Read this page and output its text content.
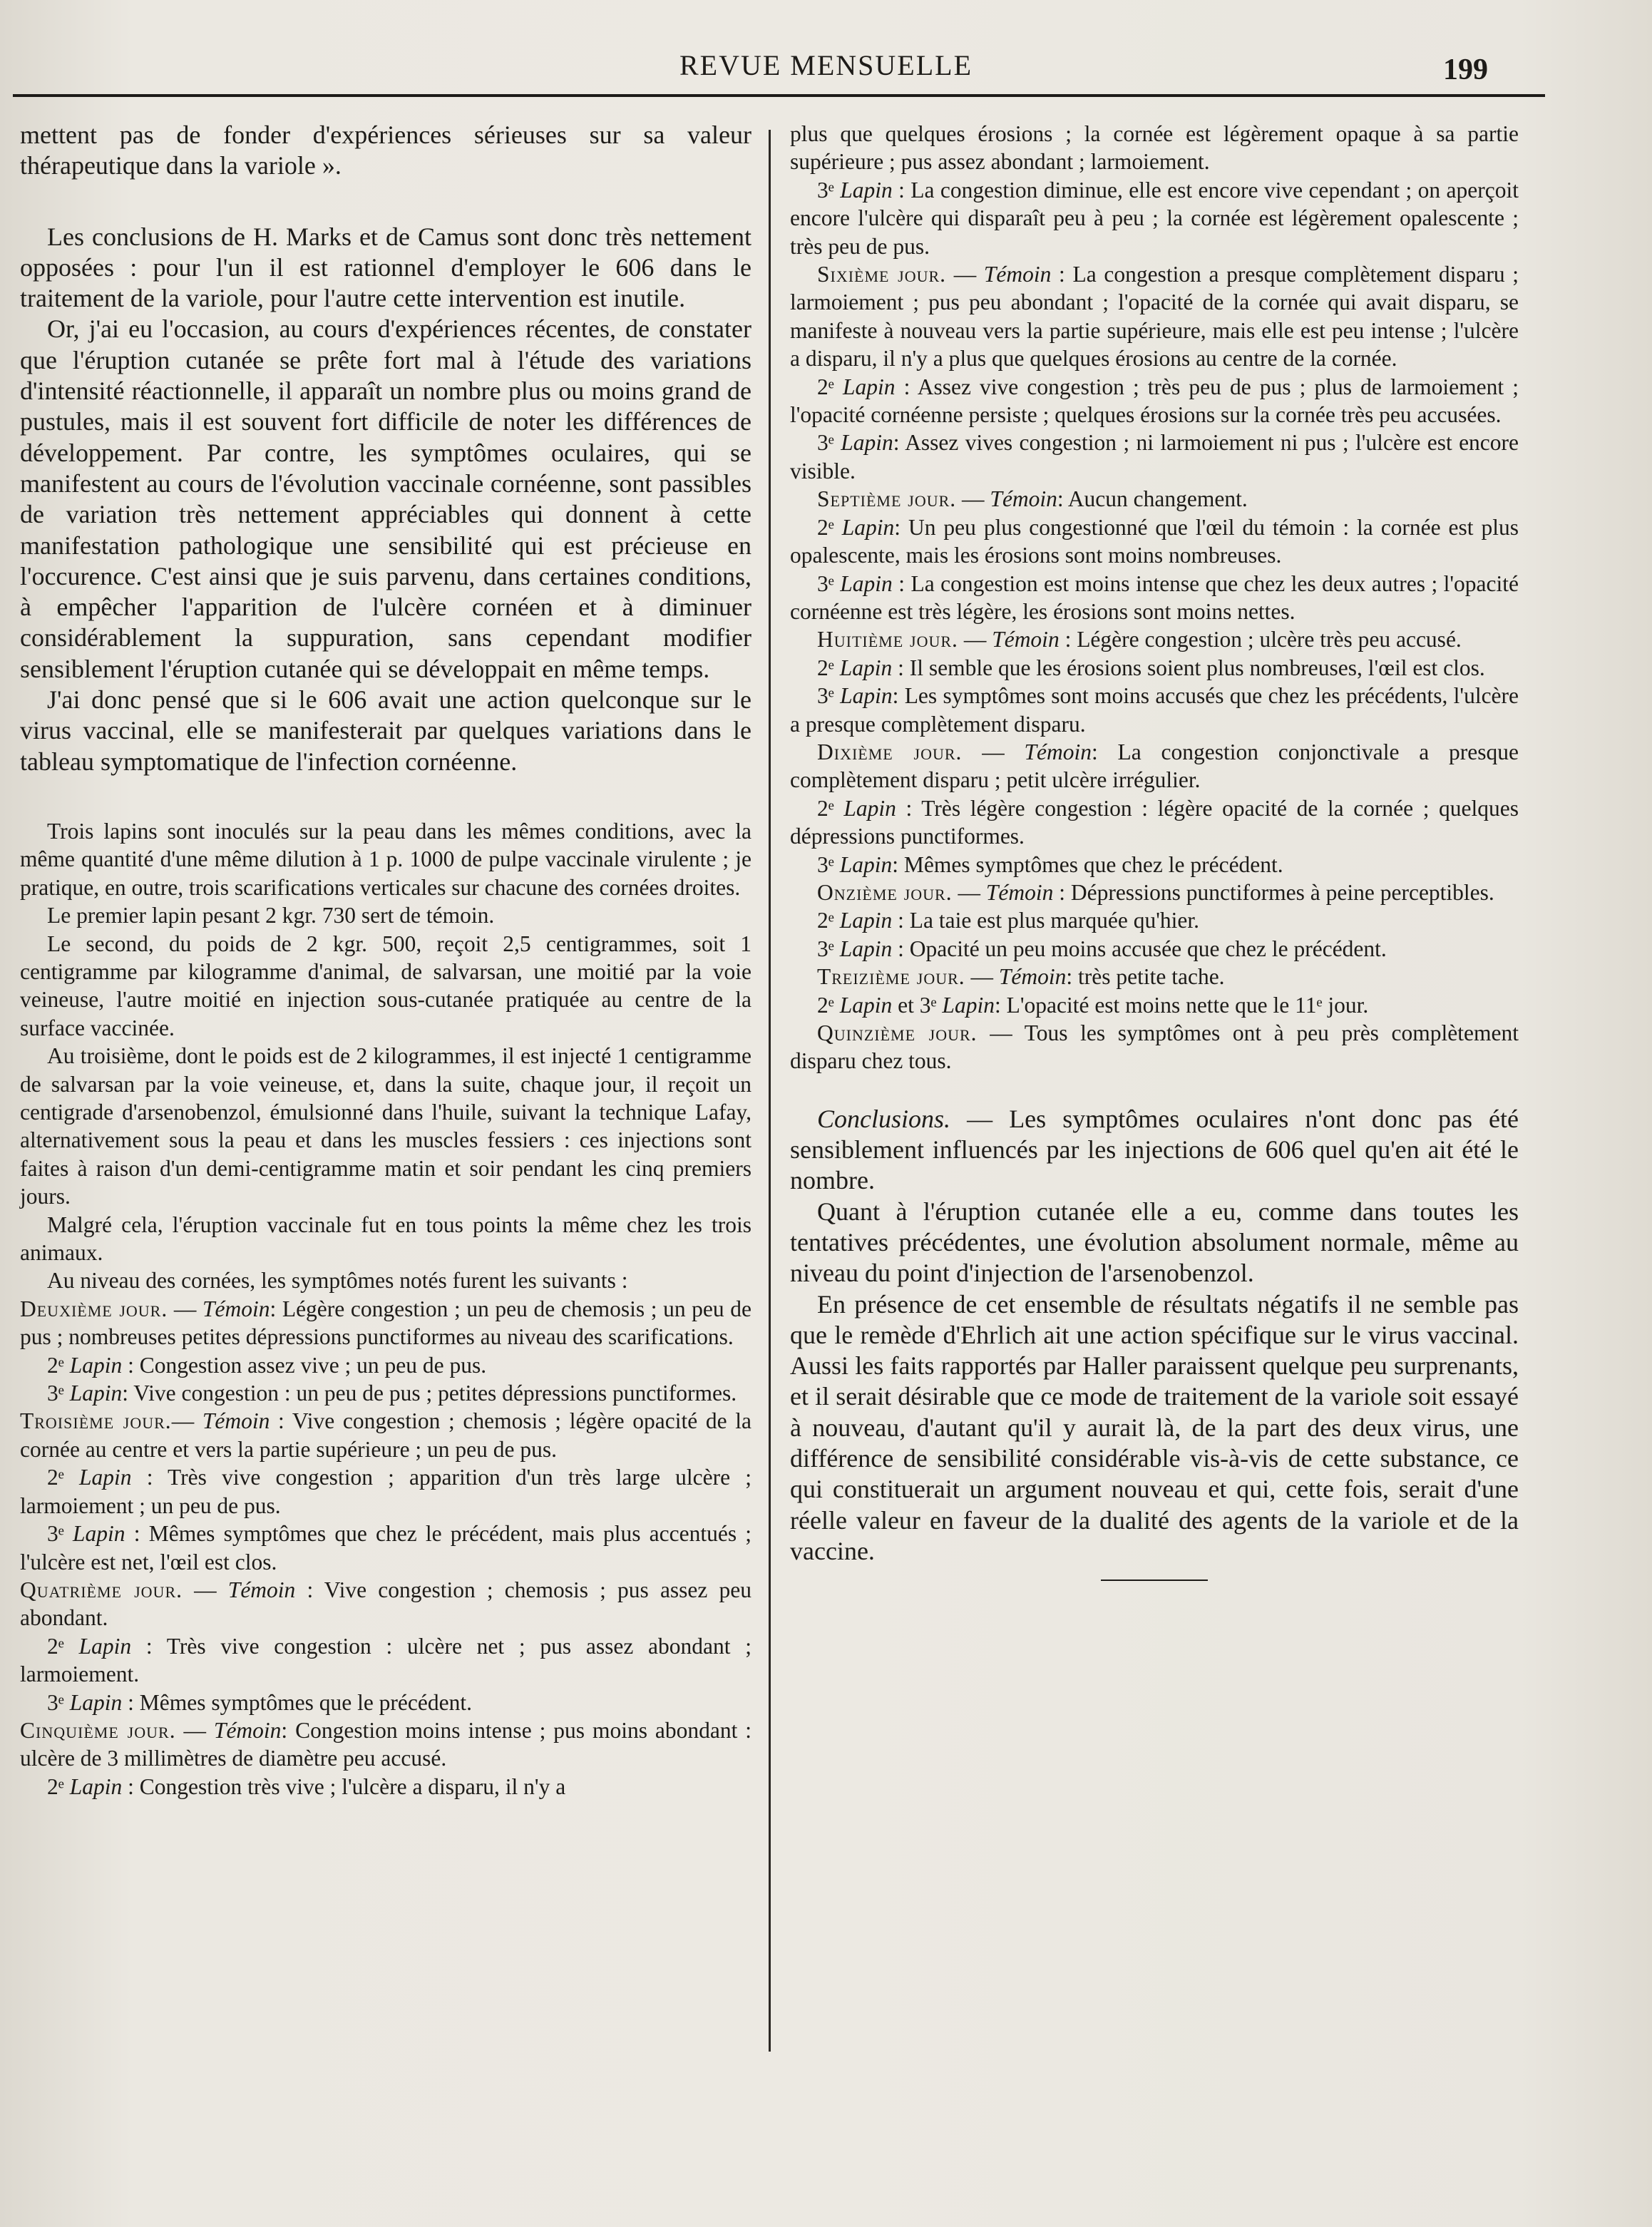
REVUE MENSUELLE	199

mettent pas de fonder d'expériences sérieuses sur sa valeur thérapeutique dans la variole ».

Les conclusions de H. Marks et de Camus sont donc très nettement opposées : pour l'un il est rationnel d'employer le 606 dans le traitement de la variole, pour l'autre cette intervention est inutile.

Or, j'ai eu l'occasion, au cours d'expériences récentes, de constater que l'éruption cutanée se prête fort mal à l'étude des variations d'intensité réactionnelle, il apparaît un nombre plus ou moins grand de pustules, mais il est souvent fort difficile de noter les différences de développement. Par contre, les symptômes oculaires, qui se manifestent au cours de l'évolution vaccinale cornéenne, sont passibles de variation très nettement appréciables qui donnent à cette manifestation pathologique une sensibilité qui est précieuse en l'occurence. C'est ainsi que je suis parvenu, dans certaines conditions, à empêcher l'apparition de l'ulcère cornéen et à diminuer considérablement la suppuration, sans cependant modifier sensiblement l'éruption cutanée qui se développait en même temps.

J'ai donc pensé que si le 606 avait une action quelconque sur le virus vaccinal, elle se manifesterait par quelques variations dans le tableau symptomatique de l'infection cornéenne.

Trois lapins sont inoculés sur la peau dans les mêmes conditions, avec la même quantité d'une même dilution à 1 p. 1000 de pulpe vaccinale virulente ; je pratique, en outre, trois scarifications verticales sur chacune des cornées droites.

Le premier lapin pesant 2 kgr. 730 sert de témoin.

Le second, du poids de 2 kgr. 500, reçoit 2,5 centigrammes, soit 1 centigramme par kilogramme d'animal, de salvarsan, une moitié par la voie veineuse, l'autre moitié en injection sous-cutanée pratiquée au centre de la surface vaccinée.

Au troisième, dont le poids est de 2 kilogrammes, il est injecté 1 centigramme de salvarsan par la voie veineuse, et, dans la suite, chaque jour, il reçoit un centigrade d'arsenobenzol, émulsionné dans l'huile, suivant la technique Lafay, alternativement sous la peau et dans les muscles fessiers : ces injections sont faites à raison d'un demi-centigramme matin et soir pendant les cinq premiers jours.

Malgré cela, l'éruption vaccinale fut en tous points la même chez les trois animaux.

Au niveau des cornées, les symptômes notés furent les suivants :

Deuxième jour. — Témoin: Légère congestion ; un peu de chemosis ; un peu de pus ; nombreuses petites dépressions punctiformes au niveau des scarifications.

2ᵉ Lapin : Congestion assez vive ; un peu de pus.

3ᵉ Lapin: Vive congestion : un peu de pus ; petites dépressions punctiformes.

Troisième jour.— Témoin : Vive congestion ; chemosis ; légère opacité de la cornée au centre et vers la partie supérieure ; un peu de pus.

2ᵉ Lapin : Très vive congestion ; apparition d'un très large ulcère ; larmoiement ; un peu de pus.

3ᵉ Lapin : Mêmes symptômes que chez le précédent, mais plus accentués ; l'ulcère est net, l'œil est clos.

Quatrième jour. — Témoin : Vive congestion ; chemosis ; pus assez peu abondant.

2ᵉ Lapin : Très vive congestion : ulcère net ; pus assez abondant ; larmoiement.

3ᵉ Lapin : Mêmes symptômes que le précédent.

Cinquième jour. — Témoin: Congestion moins intense ; pus moins abondant : ulcère de 3 millimètres de diamètre peu accusé.

2ᵉ Lapin : Congestion très vive ; l'ulcère a disparu, il n'y a

plus que quelques érosions ; la cornée est légèrement opaque à sa partie supérieure ; pus assez abondant ; larmoiement.

3ᵉ Lapin : La congestion diminue, elle est encore vive cependant ; on aperçoit encore l'ulcère qui disparaît peu à peu ; la cornée est légèrement opalescente ; très peu de pus.

Sixième jour. — Témoin : La congestion a presque complètement disparu ; larmoiement ; pus peu abondant ; l'opacité de la cornée qui avait disparu, se manifeste à nouveau vers la partie supérieure, mais elle est peu intense ; l'ulcère a disparu, il n'y a plus que quelques érosions au centre de la cornée.

2ᵉ Lapin : Assez vive congestion ; très peu de pus ; plus de larmoiement ; l'opacité cornéenne persiste ; quelques érosions sur la cornée très peu accusées.

3ᵉ Lapin: Assez vives congestion ; ni larmoiement ni pus ; l'ulcère est encore visible.

Septième jour. — Témoin: Aucun changement.

2ᵉ Lapin: Un peu plus congestionné que l'œil du témoin : la cornée est plus opalescente, mais les érosions sont moins nombreuses.

3ᵉ Lapin : La congestion est moins intense que chez les deux autres ; l'opacité cornéenne est très légère, les érosions sont moins nettes.

Huitième jour. — Témoin : Légère congestion ; ulcère très peu accusé.

2ᵉ Lapin : Il semble que les érosions soient plus nombreuses, l'œil est clos.

3ᵉ Lapin: Les symptômes sont moins accusés que chez les précédents, l'ulcère a presque complètement disparu.

Dixième jour. — Témoin: La congestion conjonctivale a presque complètement disparu ; petit ulcère irrégulier.

2ᵉ Lapin : Très légère congestion : légère opacité de la cornée ; quelques dépressions punctiformes.

3ᵉ Lapin: Mêmes symptômes que chez le précédent.

Onzième jour. — Témoin : Dépressions punctiformes à peine perceptibles.

2ᵉ Lapin : La taie est plus marquée qu'hier.

3ᵉ Lapin : Opacité un peu moins accusée que chez le précédent.

Treizième jour. — Témoin: très petite tache.

2ᵉ Lapin et 3ᵉ Lapin: L'opacité est moins nette que le 11ᵉ jour.

Quinzième jour. — Tous les symptômes ont à peu près complètement disparu chez tous.

Conclusions. — Les symptômes oculaires n'ont donc pas été sensiblement influencés par les injections de 606 quel qu'en ait été le nombre.

Quant à l'éruption cutanée elle a eu, comme dans toutes les tentatives précédentes, une évolution absolument normale, même au niveau du point d'injection de l'arsenobenzol.

En présence de cet ensemble de résultats négatifs il ne semble pas que le remède d'Ehrlich ait une action spécifique sur le virus vaccinal. Aussi les faits rapportés par Haller paraissent quelque peu surprenants, et il serait désirable que ce mode de traitement de la variole soit essayé à nouveau, d'autant qu'il y aurait là, de la part des deux virus, une différence de sensibilité considérable vis-à-vis de cette substance, ce qui constituerait un argument nouveau et qui, cette fois, serait d'une réelle valeur en faveur de la dualité des agents de la variole et de la vaccine.
